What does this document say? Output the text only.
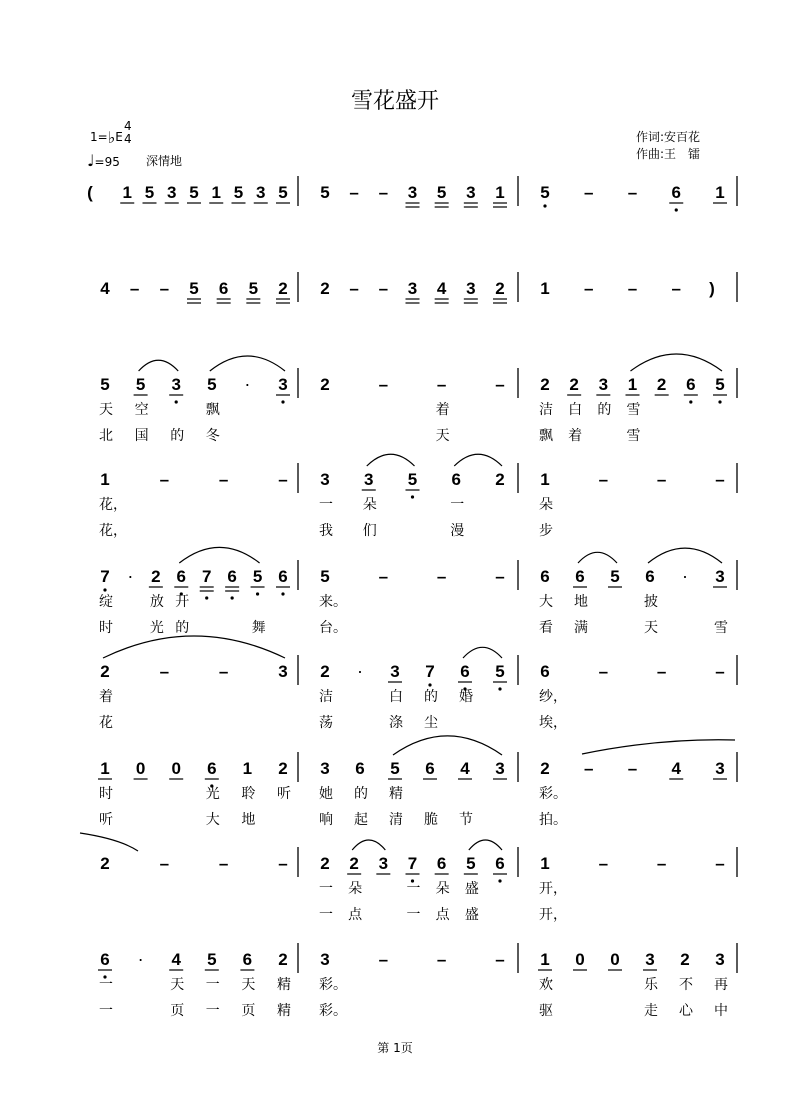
雪花盛开
1=♭E
4
4
♩=95 深情地
作词:安百花
作曲:王　镭
( 1 5 3 5 1 5 3 5 5 – – 3 5 3 1 5 – – 6 1
4 – – 5 6 5 2 2 – – 3 4 3 2 1 – – – )
5 5 3 5 · 3 2	–	–	– 2 2 3 1 2 6 5
天 空	飘
北 国 的 冬
着
天
洁 白 的 雪
飘 着	雪
1	–	–	– 3 3 5 6 2 1	–	–	–
花，
花，
一 朵	一
我 们	漫
朵
步
7 · 2 6 7 6 5 6 5	–	–	– 6 6 5 6 · 3
绽	放 开
时	光 的	舞
来。
台。
大 地	披
看 满	天	雪
2	–	–	3 2 · 3 7 6 5 6	–	–	–
着
花
洁	白 的 婚
荡	涤 尘
纱，
埃，
1 0 0 6 1 2 3 6 5 6 4 3 2 – – 4 3
时	光 聆 听
听	大 地
她 的 精
响 起 清 脆 节
彩。
拍。
2	–	–	– 2 2 3 7 6 5 6 1	–	–	–
一 朵	一 朵 盛
一 点	一 点 盛
开，
开，
6 · 4 5 6 2 3	–	–	– 1 0 0 3 2 3
一	天 一 天 精
一	页 一 页 精
彩。
彩。
欢	乐 不 再
驱	走 心 中
第 1页
